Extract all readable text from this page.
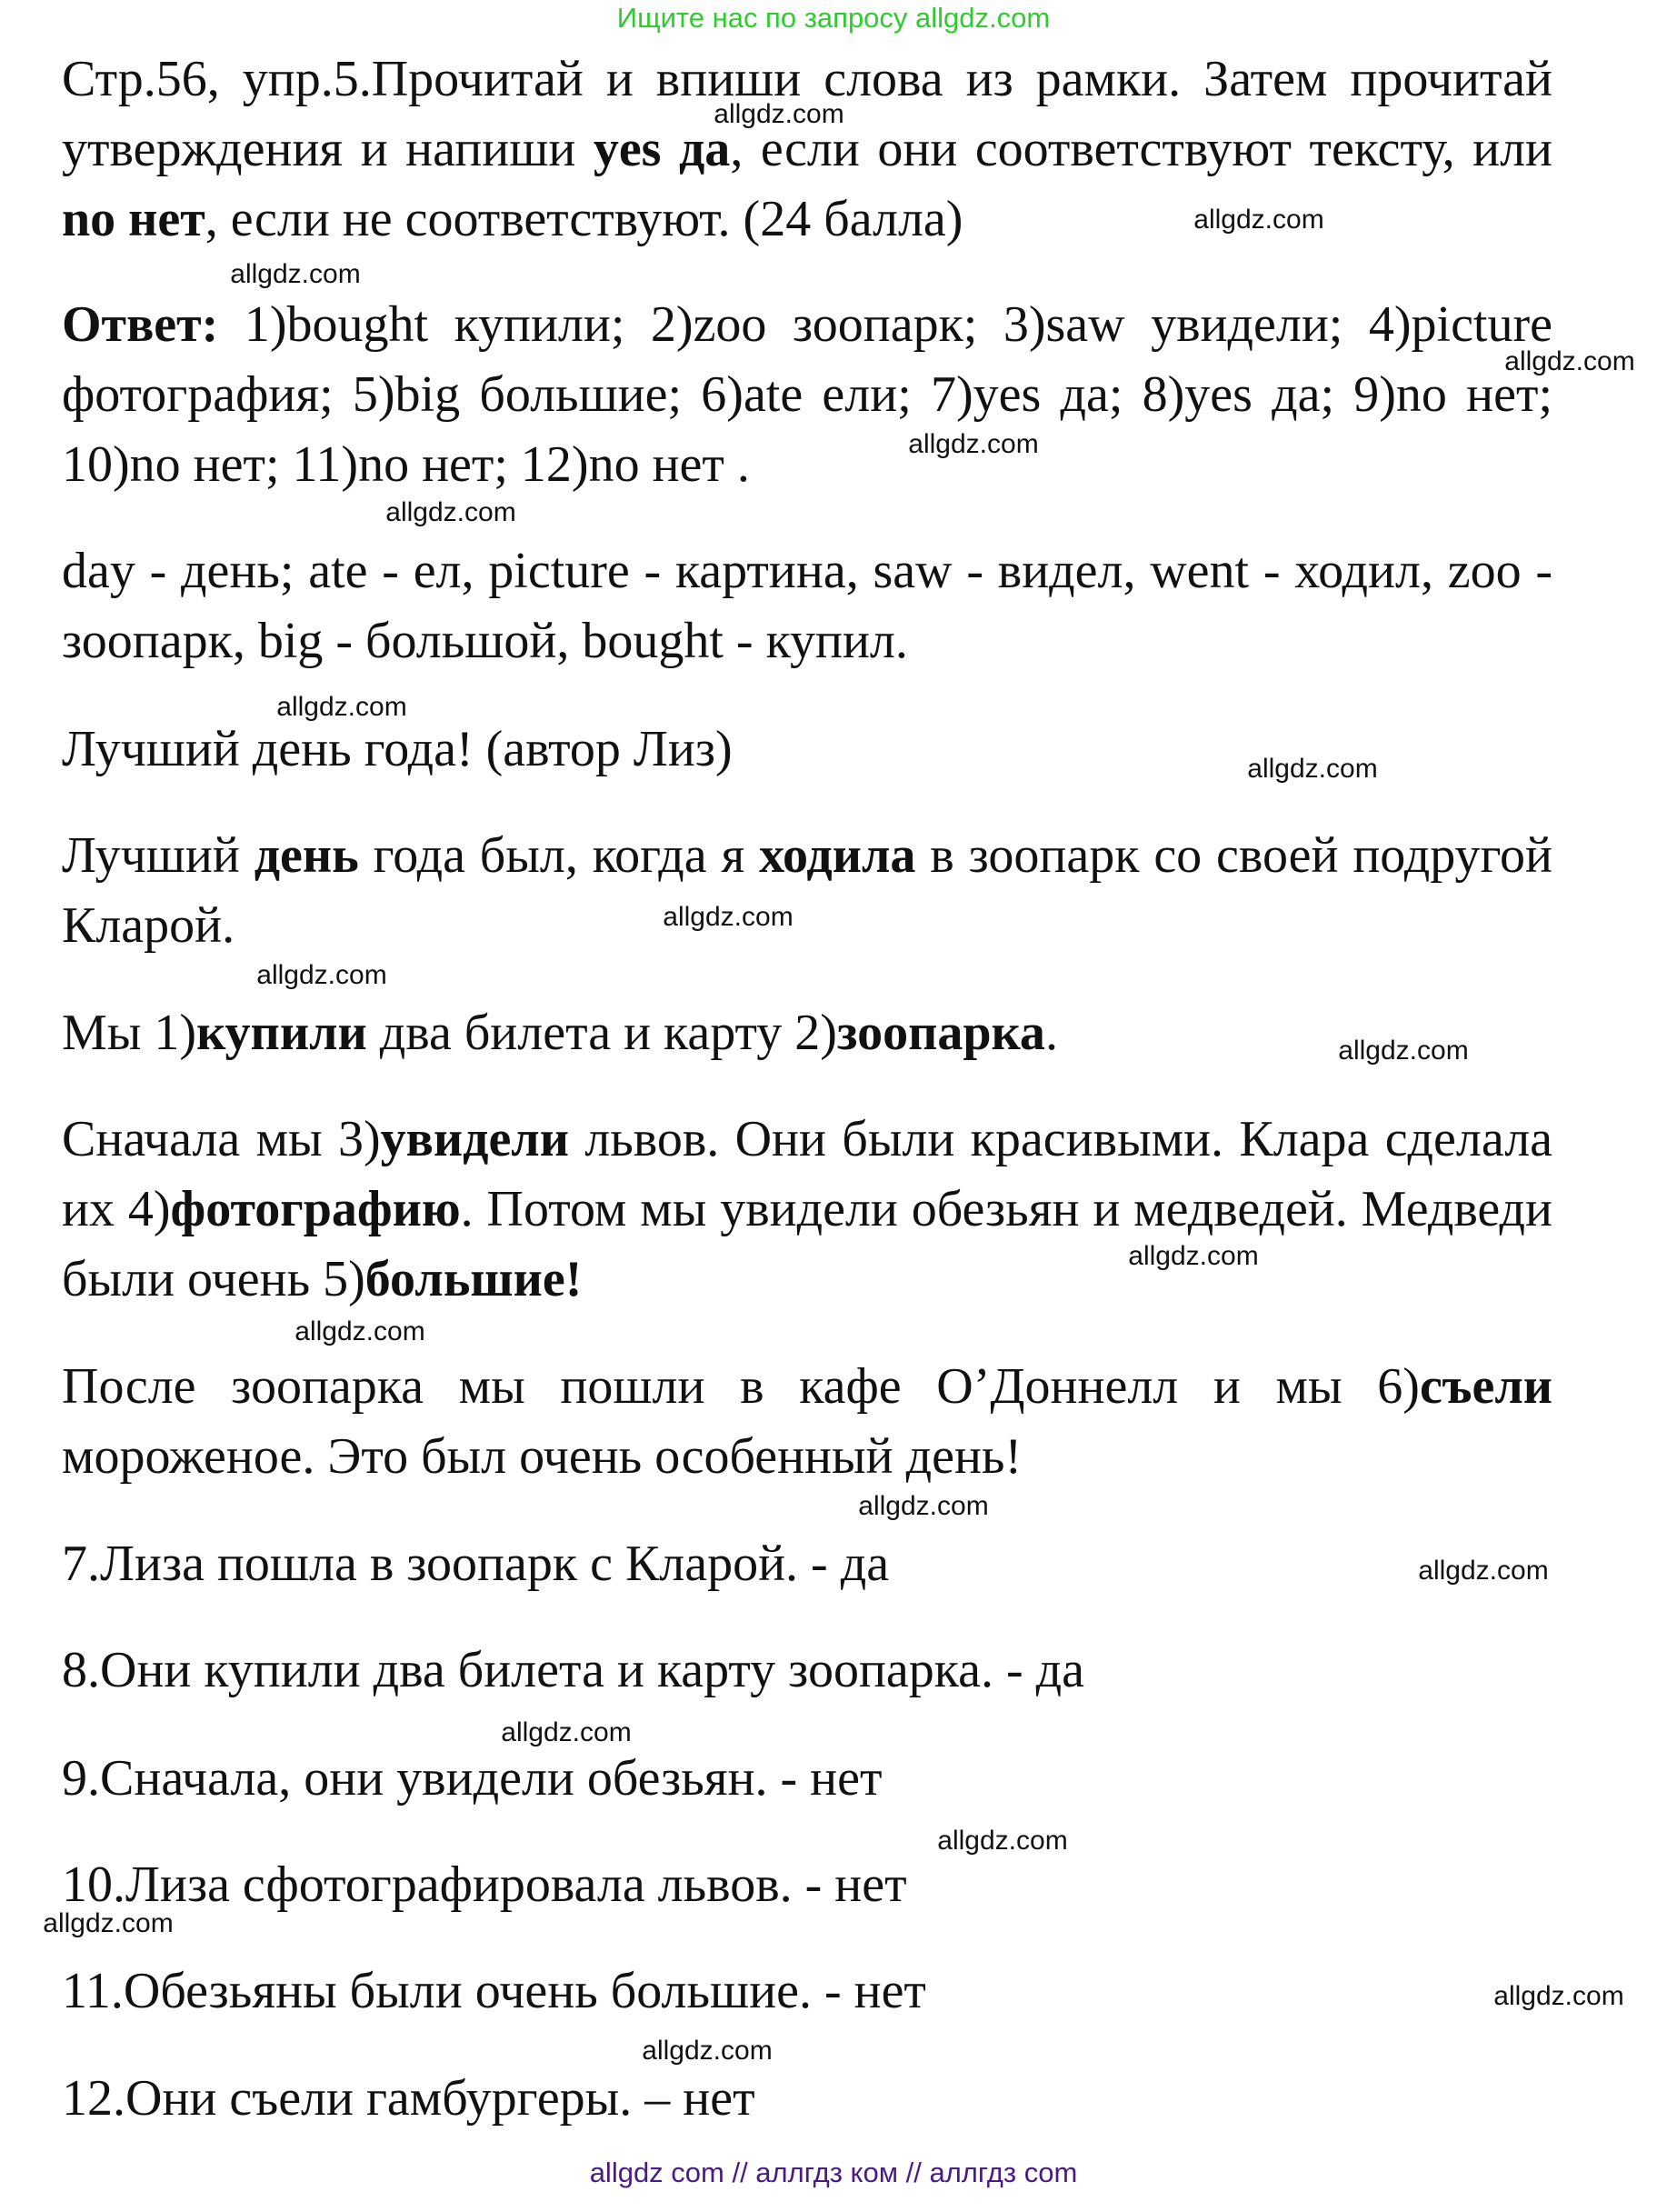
Ищите нас по запросу allgdz.com
Стр.56, упр.5.Прочитай и впиши слова из рамки. Затем прочитай утверждения и напиши yes да, если они соответствуют тексту, или no нет, если не соответствуют. (24 балла)
Ответ: 1)bought купили; 2)zoo зоопарк; 3)saw увидели; 4)picture фотография; 5)big большие; 6)ate ели; 7)yes да; 8)yes да; 9)no нет; 10)no нет; 11)no нет; 12)no нет .
day - день; ate - ел, picture - картина, saw - видел, went - ходил, zoo - зоопарк, big - большой, bought - купил.
Лучший день года! (автор Лиз)
Лучший день года был, когда я ходила в зоопарк со своей подругой Кларой.
Мы 1)купили два билета и карту 2)зоопарка.
Сначала мы 3)увидели львов. Они были красивыми. Клара сделала их 4)фотографию. Потом мы увидели обезьян и медведей. Медведи были очень 5)большие!
После зоопарка мы пошли в кафе О’Доннелл и мы 6)съели мороженое. Это был очень особенный день!
7.Лиза пошла в зоопарк с Кларой. - да
8.Они купили два билета и карту зоопарка. - да
9.Сначала, они увидели обезьян. - нет
10.Лиза сфотографировала львов. - нет
11.Обезьяны были очень большие. - нет
12.Они съели гамбургеры. – нет
allgdz.com
allgdz.com
allgdz.com
allgdz.com
allgdz.com
allgdz.com
allgdz.com
allgdz.com
allgdz.com
allgdz.com
allgdz.com
allgdz.com
allgdz.com
allgdz.com
allgdz.com
allgdz.com
allgdz.com
allgdz.com
allgdz.com
allgdz.com
allgdz com // аллгдз ком // аллгдз com
